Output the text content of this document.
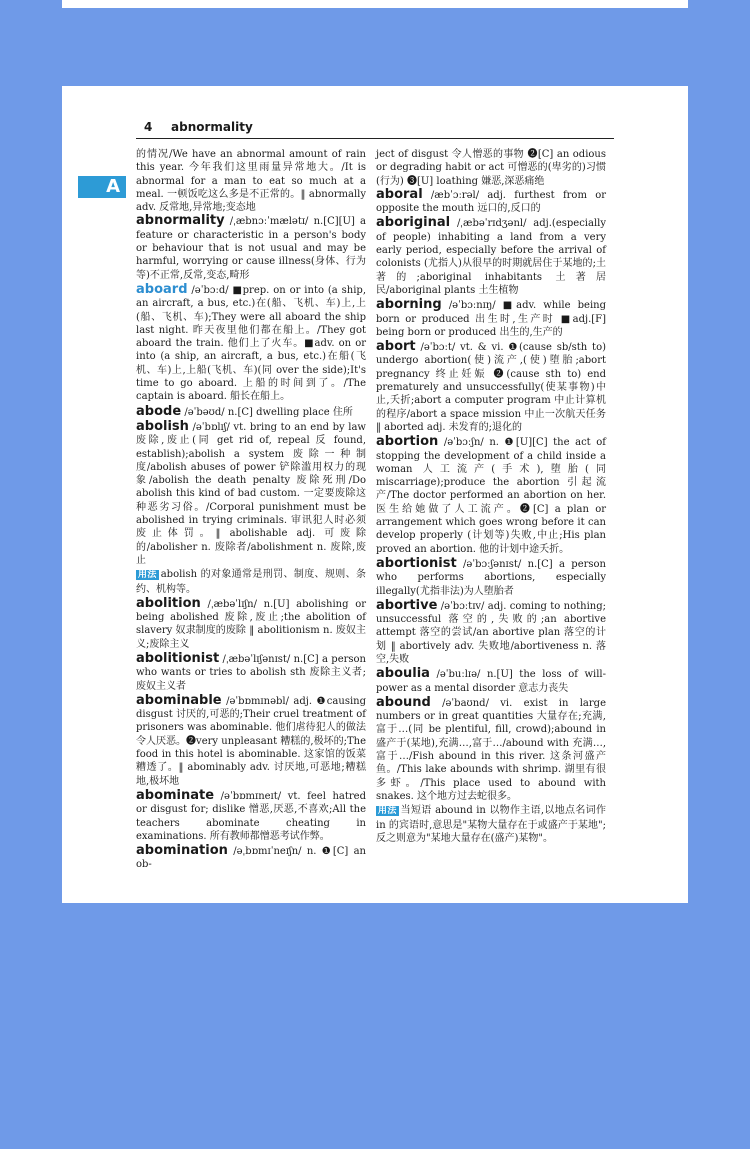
4 abnormality
A
的情况/We have an abnormal amount of rain this year. 今年我们这里雨量异常地大。/It is abnormal for a man to eat so much at a meal. 一顿饭吃这么多是不正常的。‖ abnormally adv. 反常地,异常地;变态地
abnormality /ˌæbnɔːˈmælətɪ/ n.[C][U] a feature or characteristic in a person's body or behaviour that is not usual and may be harmful, worrying or cause illness(身体、行为等)不正常,反常,变态,畸形
aboard /əˈbɔːd/ ■prep. on or into (a ship, an aircraft, a bus, etc.)在(船、飞机、车)上,上(船、飞机、车);They were all aboard the ship last night. 昨天夜里他们都在船上。/They got aboard the train. 他们上了火车。■adv. on or into (a ship, an aircraft, a bus, etc.)在船(飞机、车)上,上船(飞机、车)(同 over the side);It's time to go aboard. 上船的时间到了。/The captain is aboard. 船长在船上。
abode /əˈbəʊd/ n.[C] dwelling place 住所
abolish /əˈbɒlɪʃ/ vt. bring to an end by law 废除,废止(同 get rid of, repeal 反 found, establish);abolish a system 废除一种制度/abolish abuses of power 铲除滥用权力的现象/abolish the death penalty 废除死刑/Do abolish this kind of bad custom. 一定要废除这种恶劣习俗。/Corporal punishment must be abolished in trying criminals. 审讯犯人时必须废止体罚。‖ abolishable adj. 可废除的/abolisher n. 废除者/abolishment n. 废除,废止
用法 abolish 的对象通常是刑罚、制度、规则、条约、机构等。
abolition /ˌæbəˈlɪʃn/ n.[U] abolishing or being abolished 废除,废止;the abolition of slavery 奴隶制度的废除 ‖ abolitionism n. 废奴主义;废除主义
abolitionist /ˌæbəˈlɪʃənɪst/ n.[C] a person who wants or tries to abolish sth 废除主义者;废奴主义者
abominable /əˈbɒmɪnəbl/ adj. ❶causing disgust 讨厌的,可恶的;Their cruel treatment of prisoners was abominable. 他们虐待犯人的做法令人厌恶。❷very unpleasant 糟糕的,极坏的;The food in this hotel is abominable. 这家馆的饭菜糟透了。‖ abominably adv. 讨厌地,可恶地;糟糕地,极坏地
abominate /əˈbɒmɪneɪt/ vt. feel hatred or disgust for; dislike 憎恶,厌恶,不喜欢;All the teachers abominate cheating in examinations. 所有教师都憎恶考试作弊。
abomination /əˌbɒmɪˈneɪʃn/ n. ❶[C] an ob-
ject of disgust 令人憎恶的事物 ❷[C] an odious or degrading habit or act 可憎恶的(卑劣的)习惯(行为) ❸[U] loathing 嫌恶,深恶痛绝
aboral /æbˈɔːrəl/ adj. furthest from or opposite the mouth 远口的,反口的
aboriginal /ˌæbəˈrɪdʒənl/ adj.(especially of people) inhabiting a land from a very early period, especially before the arrival of colonists (尤指人)从很早的时期就居住于某地的;土著的;aboriginal inhabitants 土著居民/aboriginal plants 土生植物
aborning /əˈbɔːnɪŋ/ ■adv. while being born or produced 出生时,生产时 ■adj.[F] being born or produced 出生的,生产的
abort /əˈbɔːt/ vt. & vi. ❶(cause sb/sth to) undergo abortion(使)流产,(使)堕胎;abort pregnancy 终止妊娠 ❷(cause sth to) end prematurely and unsuccessfully(使某事物)中止,夭折;abort a computer program 中止计算机的程序/abort a space mission 中止一次航天任务 ‖ aborted adj. 未发育的;退化的
abortion /əˈbɔːʃn/ n. ❶[U][C] the act of stopping the development of a child inside a woman 人工流产(手术),堕胎(同 miscarriage);produce the abortion 引起流产/The doctor performed an abortion on her. 医生给她做了人工流产。❷[C] a plan or arrangement which goes wrong before it can develop properly (计划等)失败,中止;His plan proved an abortion. 他的计划中途夭折。
abortionist /əˈbɔːʃənɪst/ n.[C] a person who performs abortions, especially illegally(尤指非法)为人堕胎者
abortive /əˈbɔːtɪv/ adj. coming to nothing; unsuccessful 落空的,失败的;an abortive attempt 落空的尝试/an abortive plan 落空的计划 ‖ abortively adv. 失败地/abortiveness n. 落空,失败
aboulia /əˈbuːlɪə/ n.[U] the loss of will-power as a mental disorder 意志力丧失
abound /əˈbaʊnd/ vi. exist in large numbers or in great quantities 大量存在;充满,富于…(同 be plentiful, fill, crowd);abound in 盛产于(某地),充满…,富于…/abound with 充满…,富于…/Fish abound in this river. 这条河盛产鱼。/This lake abounds with shrimp. 湖里有很多虾。/This place used to abound with snakes. 这个地方过去蛇很多。
用法 当短语 abound in 以物作主语,以地点名词作 in 的宾语时,意思是"某物大量存在于或盛产于某地";反之则意为"某地大量存在(盛产)某物"。
